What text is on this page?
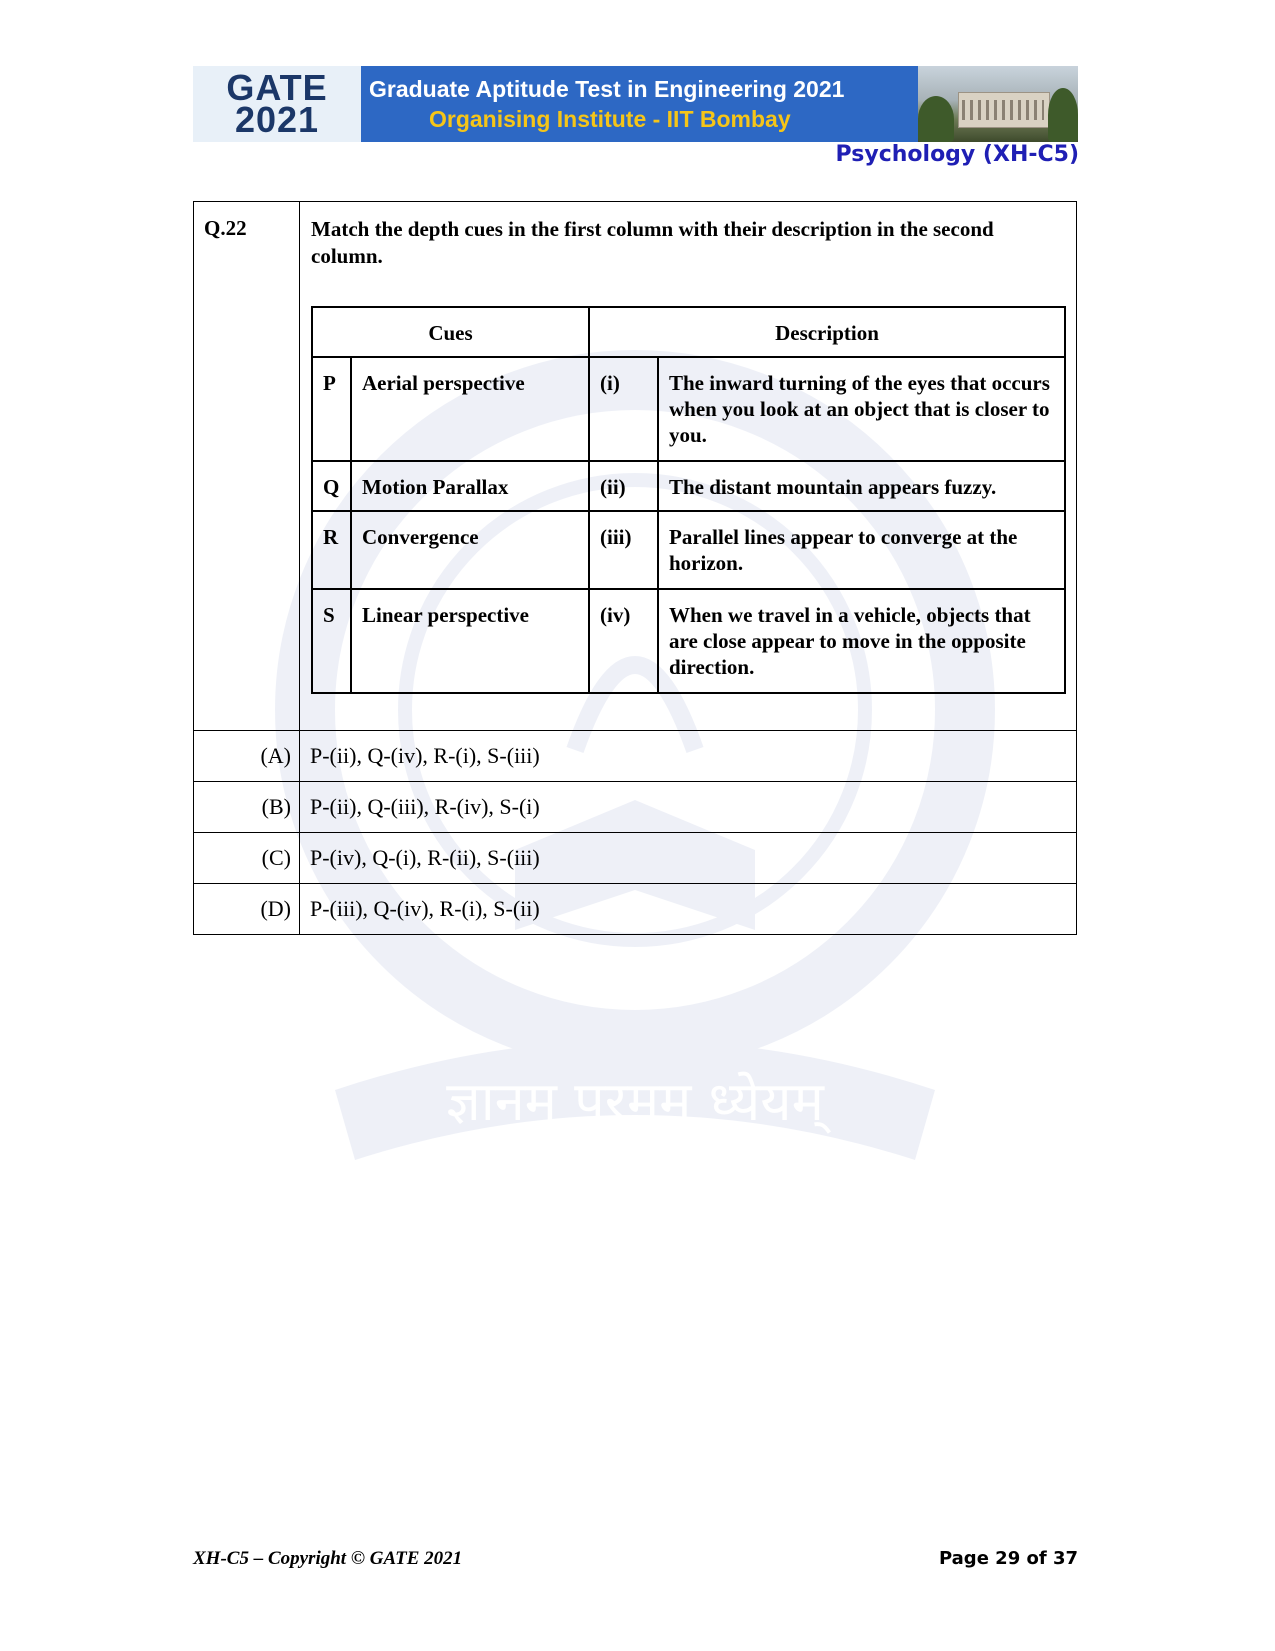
ज्ञानम् परमम् ध्येयम्
GATE
2021
Graduate Aptitude Test in Engineering 2021
Organising Institute - IIT Bombay
Psychology (XH-C5)
Q.22	Match the depth cues in the first column with their description in the second column.
Cues	Description
P	Aerial perspective	(i)	The inward turning of the eyes that occurs when you look at an object that is closer to you.
Q	Motion Parallax	(ii)	The distant mountain appears fuzzy.
R	Convergence	(iii)	Parallel lines appear to converge at the horizon.
S	Linear perspective	(iv)	When we travel in a vehicle, objects that are close appear to move in the opposite direction.

(A)	P-(ii), Q-(iv), R-(i), S-(iii)
(B)	P-(ii), Q-(iii), R-(iv), S-(i)
(C)	P-(iv), Q-(i), R-(ii), S-(iii)
(D)	P-(iii), Q-(iv), R-(i), S-(ii)
XH-C5 – Copyright © GATE 2021	Page 29 of 37
